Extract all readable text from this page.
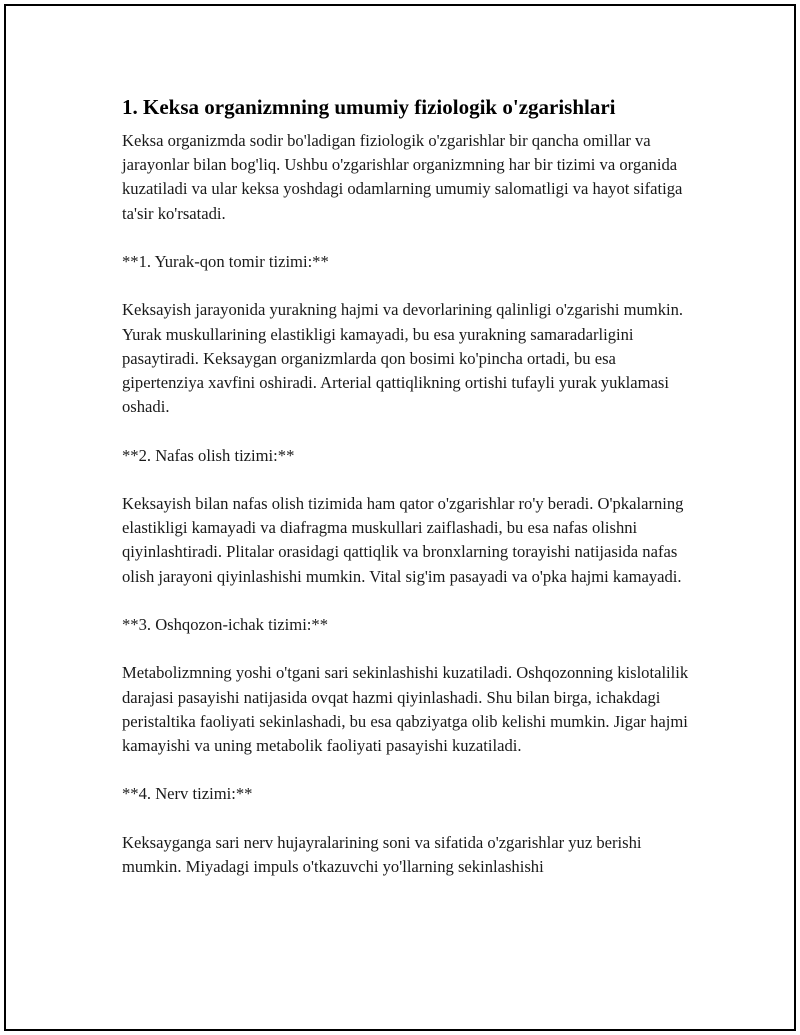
1. Keksa organizmning umumiy fiziologik o'zgarishlari

Keksa organizmda sodir bo'ladigan fiziologik o'zgarishlar bir qancha omillar va jarayonlar bilan bog'liq. Ushbu o'zgarishlar organizmning har bir tizimi va organida kuzatiladi va ular keksa yoshdagi odamlarning umumiy salomatligi va hayot sifatiga ta'sir ko'rsatadi.

**1. Yurak-qon tomir tizimi:**

Keksayish jarayonida yurakning hajmi va devorlarining qalinligi o'zgarishi mumkin. Yurak muskullarining elastikligi kamayadi, bu esa yurakning samaradarligini pasaytiradi. Keksaygan organizmlarda qon bosimi ko'pincha ortadi, bu esa gipertenziya xavfini oshiradi. Arterial qattiqlikning ortishi tufayli yurak yuklamasi oshadi.

**2. Nafas olish tizimi:**

Keksayish bilan nafas olish tizimida ham qator o'zgarishlar ro'y beradi. O'pkalarning elastikligi kamayadi va diafragma muskullari zaiflashadi, bu esa nafas olishni qiyinlashtiradi. Plitalar orasidagi qattiqlik va bronxlarning torayishi natijasida nafas olish jarayoni qiyinlashishi mumkin. Vital sig'im pasayadi va o'pka hajmi kamayadi.

**3. Oshqozon-ichak tizimi:**

Metabolizmning yoshi o'tgani sari sekinlashishi kuzatiladi. Oshqozonning kislotalilik darajasi pasayishi natijasida ovqat hazmi qiyinlashadi. Shu bilan birga, ichakdagi peristaltika faoliyati sekinlashadi, bu esa qabziyatga olib kelishi mumkin. Jigar hajmi kamayishi va uning metabolik faoliyati pasayishi kuzatiladi.

**4. Nerv tizimi:**

Keksayganga sari nerv hujayralarining soni va sifatida o'zgarishlar yuz berishi mumkin. Miyadagi impuls o'tkazuvchi yo'llarning sekinlashishi
